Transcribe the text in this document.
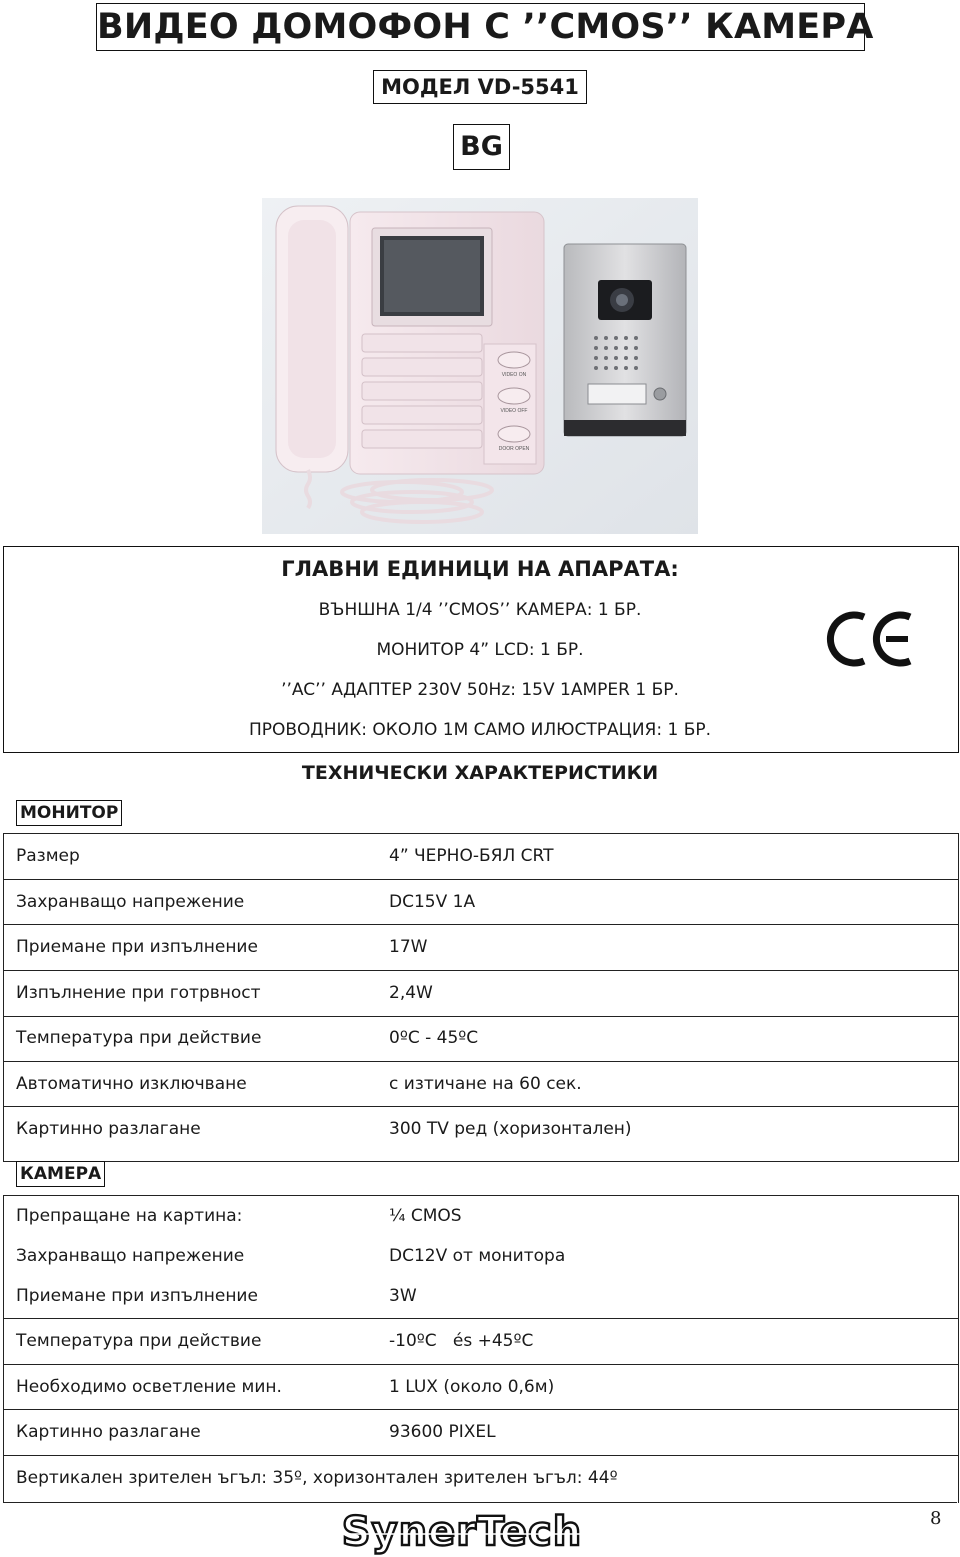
ВИДЕО ДОМОФОН С ’’CMOS’’ КАМЕРА
МОДЕЛ VD-5541
BG
VIDEO ON
VIDEO OFF
DOOR OPEN
ГЛАВНИ ЕДИНИЦИ НА АПАРАТА:
ВЪНШНА 1/4 ’’CMOS’’ КАМЕРА: 1 БР.
МОНИТОР 4” LCD: 1 БР.
’’AC’’ АДАПТЕР 230V 50Hz: 15V 1AMPER 1 БР.
ПРОВОДНИК: ОКОЛО 1M САМО ИЛЮСТРАЦИЯ: 1 БР.
ТЕХНИЧЕСКИ ХАРАКТЕРИСТИКИ
МОНИТОР
Размер	4” ЧЕРНО-БЯЛ CRT
Захранващо напрежение	DC15V 1A
Приемане при изпълнение	17W
Изпълнение при готрвност	2,4W
Температура при действие	0ºC - 45ºC
Автоматично изключване	с изтичане на 60 сек.
Картинно разлагане	300 TV ред (хоризонтален)
КАМЕРА
Препращане на картина:	¼ CMOS
Захранващо напрежение	DC12V от монитора
Приемане при изпълнение	3W
Температура при действие	-10ºC   és +45ºC
Необходимо осветление мин.	1 LUX (около 0,6м)
Картинно разлагане	93600 PIXEL
Вертикален зрителен ъгъл: 35º, хоризонтален зрителен ъгъл: 44º
SynerTech	8
